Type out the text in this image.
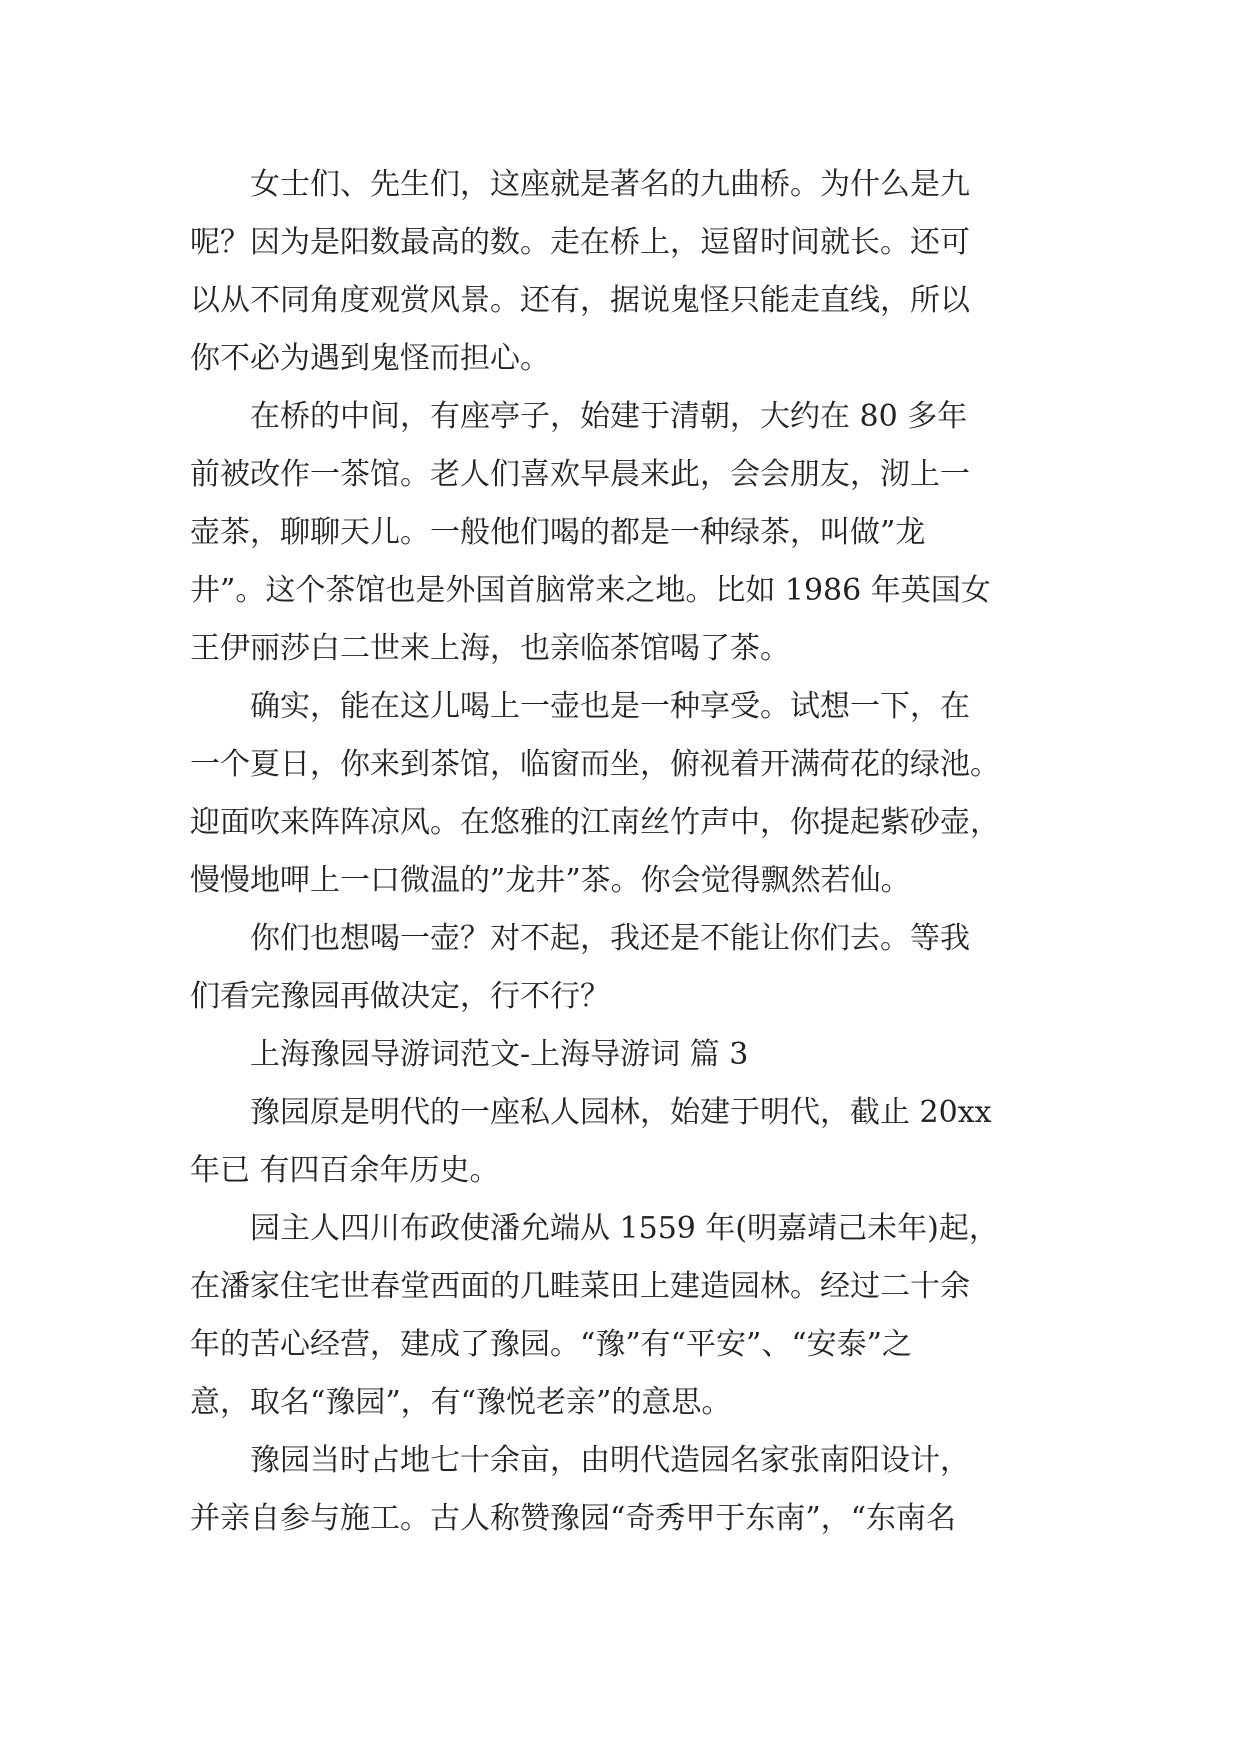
女士们、先生们，这座就是著名的九曲桥。为什么是九
呢？因为是阳数最高的数。走在桥上，逗留时间就长。还可
以从不同角度观赏风景。还有，据说鬼怪只能走直线，所以
你不必为遇到鬼怪而担心。
在桥的中间，有座亭子，始建于清朝，大约在 80 多年
前被改作一茶馆。老人们喜欢早晨来此，会会朋友，沏上一
壶茶，聊聊天儿。一般他们喝的都是一种绿茶，叫做”龙
井”。这个茶馆也是外国首脑常来之地。比如 1986 年英国女
王伊丽莎白二世来上海，也亲临茶馆喝了茶。
确实，能在这儿喝上一壶也是一种享受。试想一下，在
一个夏日，你来到茶馆，临窗而坐，俯视着开满荷花的绿池。
迎面吹来阵阵凉风。在悠雅的江南丝竹声中，你提起紫砂壶，
慢慢地呷上一口微温的”龙井”茶。你会觉得飘然若仙。
你们也想喝一壶？对不起，我还是不能让你们去。等我
们看完豫园再做决定，行不行？
上海豫园导游词范文-上海导游词 篇 3
豫园原是明代的一座私人园林，始建于明代，截止 20xx
年已 有四百余年历史。
园主人四川布政使潘允端从 1559 年(明嘉靖己未年)起，
在潘家住宅世春堂西面的几畦菜田上建造园林。经过二十余
年的苦心经营，建成了豫园。“豫”有“平安”、“安泰”之
意，取名“豫园”，有“豫悦老亲”的意思。
豫园当时占地七十余亩，由明代造园名家张南阳设计，
并亲自参与施工。古人称赞豫园“奇秀甲于东南”，“东南名
